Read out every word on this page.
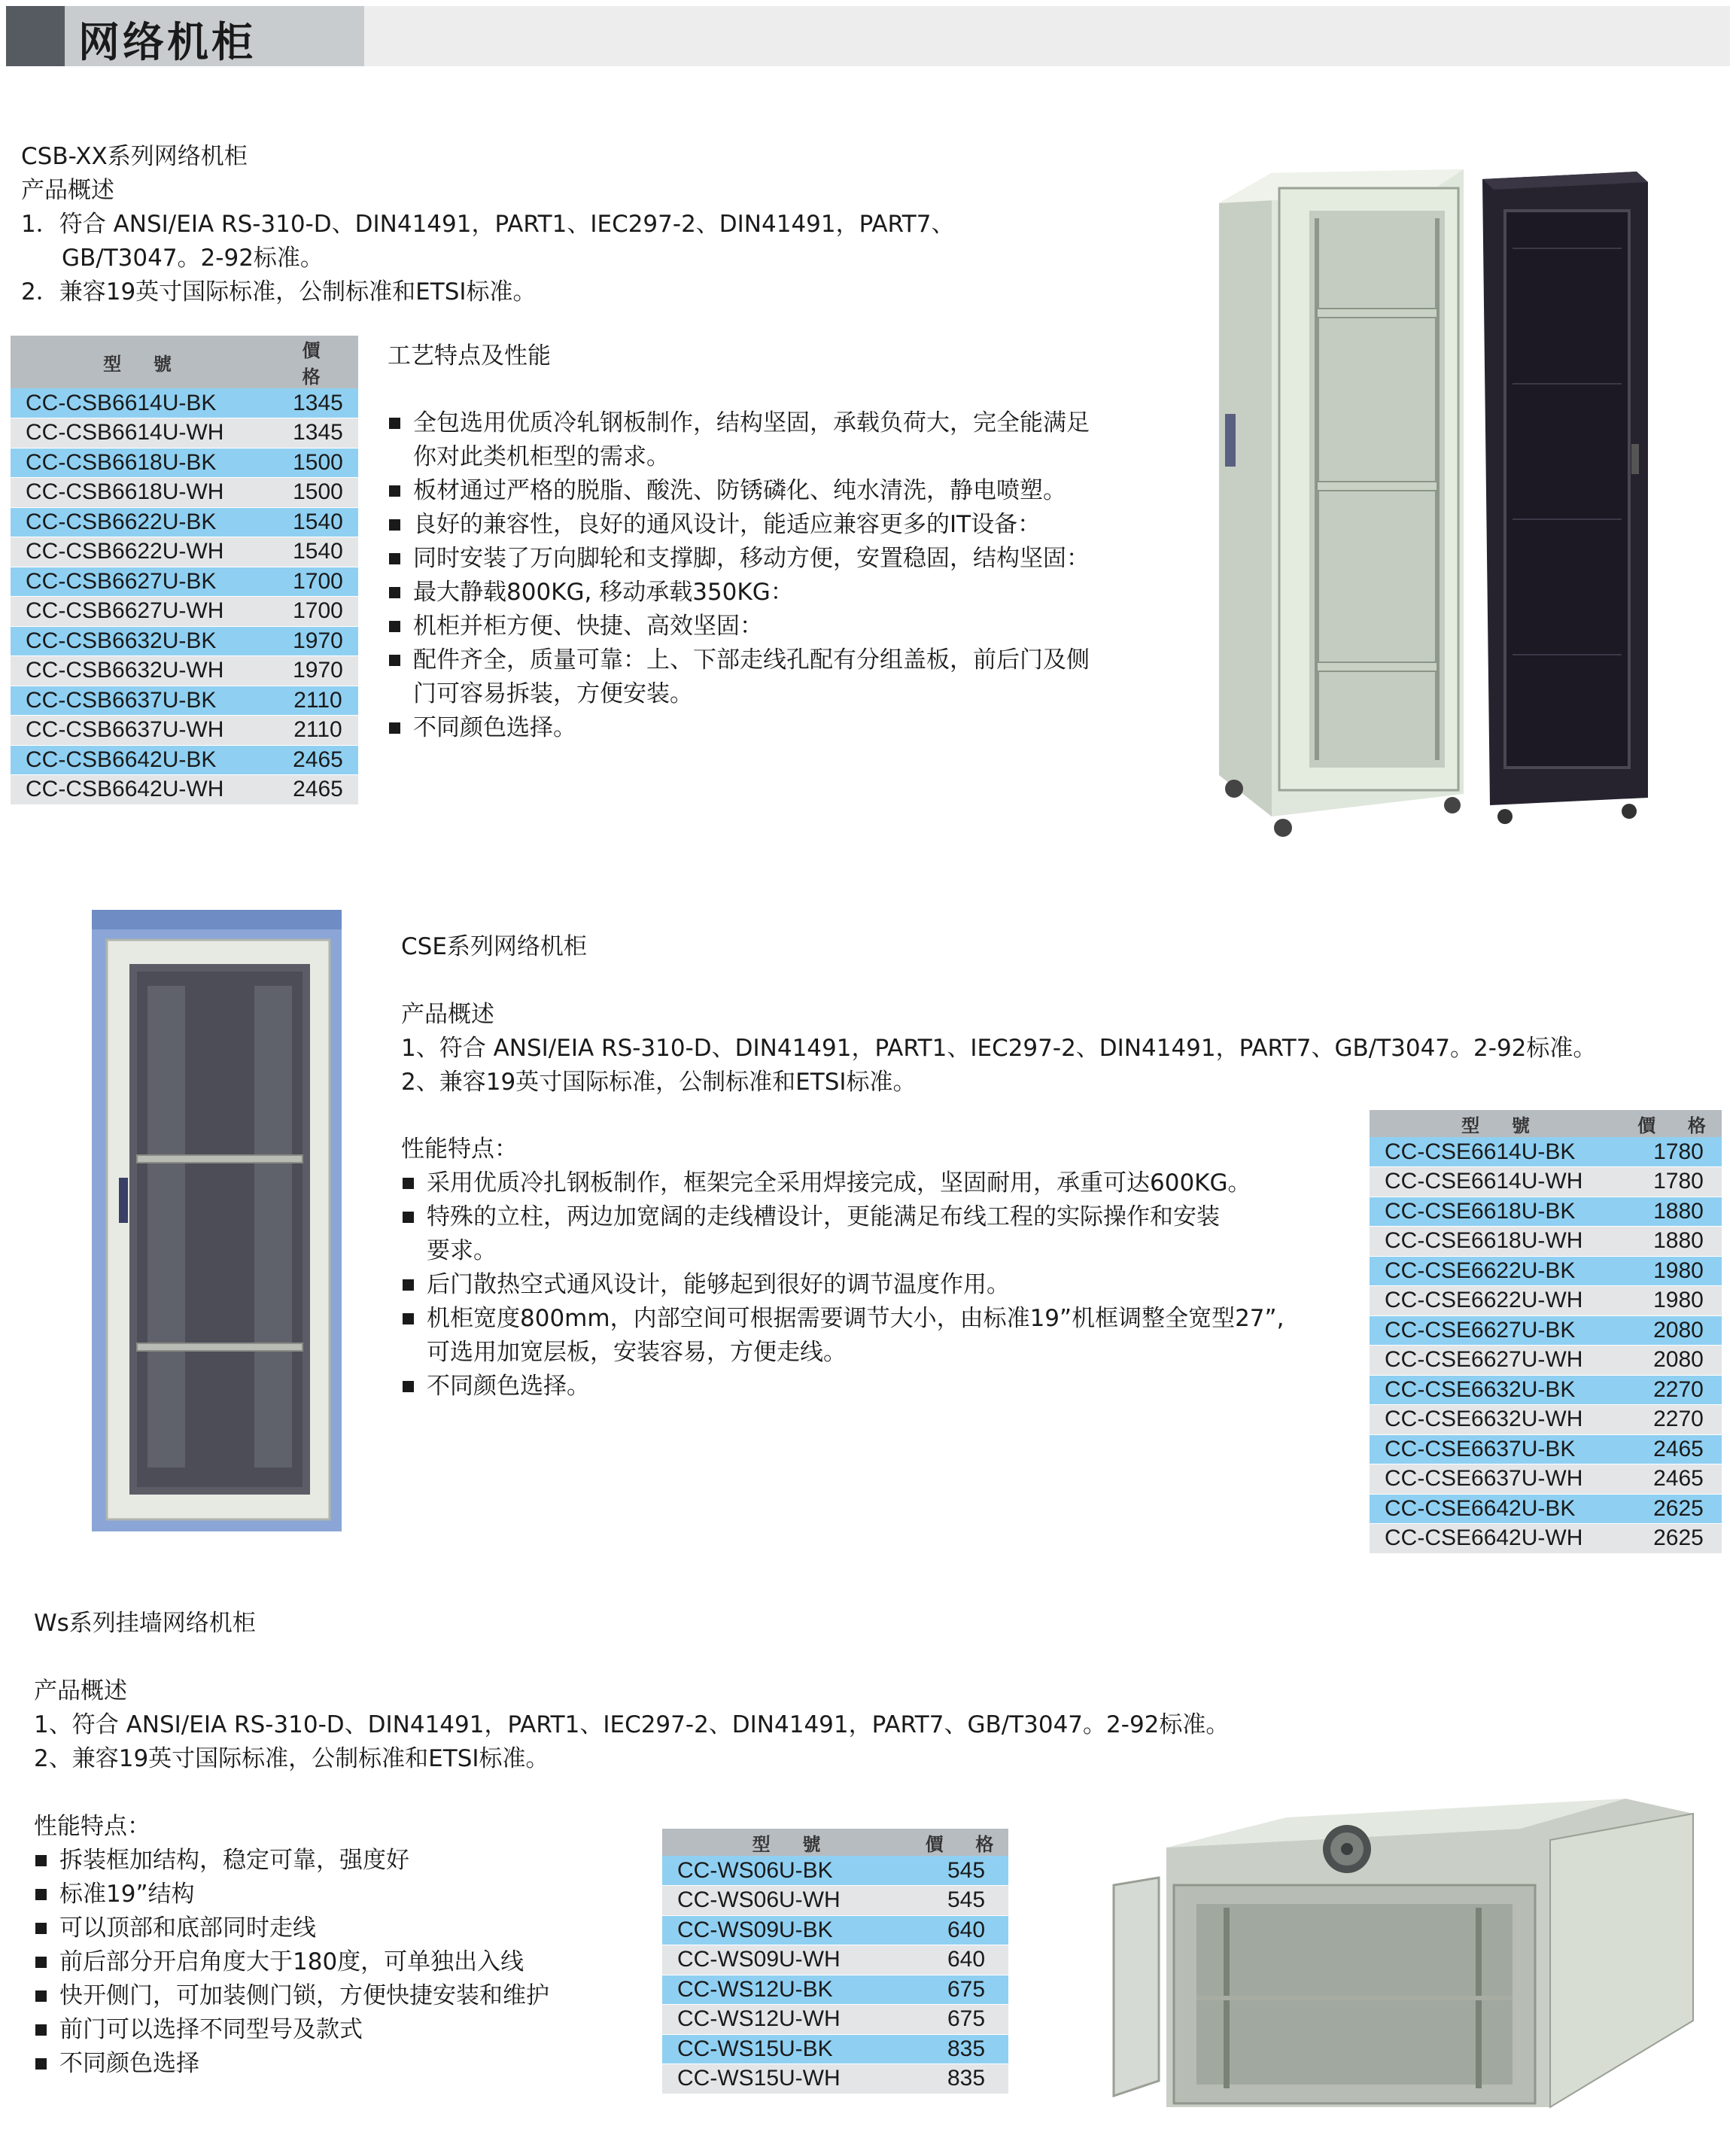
网络机柜
CSB-XX系列网络机柜
产品概述
1．符合 ANSI/EIA RS-310-D、DIN41491，PART1、IEC297-2、DIN41491，PART7、
GB/T3047。2-92标准。
2．兼容19英寸国际标准，公制标准和ETSI标准。
型 號	價 格
CC-CSB6614U-BK	1345
CC-CSB6614U-WH	1345
CC-CSB6618U-BK	1500
CC-CSB6618U-WH	1500
CC-CSB6622U-BK	1540
CC-CSB6622U-WH	1540
CC-CSB6627U-BK	1700
CC-CSB6627U-WH	1700
CC-CSB6632U-BK	1970
CC-CSB6632U-WH	1970
CC-CSB6637U-BK	2110
CC-CSB6637U-WH	2110
CC-CSB6642U-BK	2465
CC-CSB6642U-WH	2465
工艺特点及性能
全包选用优质冷轧钢板制作，结构坚固，承载负荷大，完全能满足
你对此类机柜型的需求。
板材通过严格的脱脂、酸洗、防锈磷化、纯水清洗，静电喷塑。
良好的兼容性，良好的通风设计，能适应兼容更多的IT设备：
同时安装了万向脚轮和支撑脚，移动方便，安置稳固，结构坚固：
最大静载800KG, 移动承载350KG：
机柜并柜方便、快捷、高效坚固：
配件齐全，质量可靠：上、下部走线孔配有分组盖板，前后门及侧
门可容易拆装，方便安装。
不同颜色选择。
CSE系列网络机柜
产品概述
1、符合 ANSI/EIA RS-310-D、DIN41491，PART1、IEC297-2、DIN41491，PART7、GB/T3047。2-92标准。
2、兼容19英寸国际标准，公制标准和ETSI标准。
性能特点：
采用优质冷扎钢板制作，框架完全采用焊接完成，坚固耐用，承重可达600KG。
特殊的立柱，两边加宽阔的走线槽设计，更能满足布线工程的实际操作和安装
要求。
后门散热空式通风设计，能够起到很好的调节温度作用。
机柜宽度800mm，内部空间可根据需要调节大小，由标准19”机框调整全宽型27”,
可选用加宽层板，安装容易，方便走线。
不同颜色选择。
型 號	價 格
CC-CSE6614U-BK	1780
CC-CSE6614U-WH	1780
CC-CSE6618U-BK	1880
CC-CSE6618U-WH	1880
CC-CSE6622U-BK	1980
CC-CSE6622U-WH	1980
CC-CSE6627U-BK	2080
CC-CSE6627U-WH	2080
CC-CSE6632U-BK	2270
CC-CSE6632U-WH	2270
CC-CSE6637U-BK	2465
CC-CSE6637U-WH	2465
CC-CSE6642U-BK	2625
CC-CSE6642U-WH	2625
Ws系列挂墙网络机柜
产品概述
1、符合 ANSI/EIA RS-310-D、DIN41491，PART1、IEC297-2、DIN41491，PART7、GB/T3047。2-92标准。
2、兼容19英寸国际标准，公制标准和ETSI标准。
性能特点：
拆装框加结构，稳定可靠，强度好
标准19”结构
可以顶部和底部同时走线
前后部分开启角度大于180度，可单独出入线
快开侧门，可加装侧门锁，方便快捷安装和维护
前门可以选择不同型号及款式
不同颜色选择
型 號	價 格
CC-WS06U-BK	545
CC-WS06U-WH	545
CC-WS09U-BK	640
CC-WS09U-WH	640
CC-WS12U-BK	675
CC-WS12U-WH	675
CC-WS15U-BK	835
CC-WS15U-WH	835
